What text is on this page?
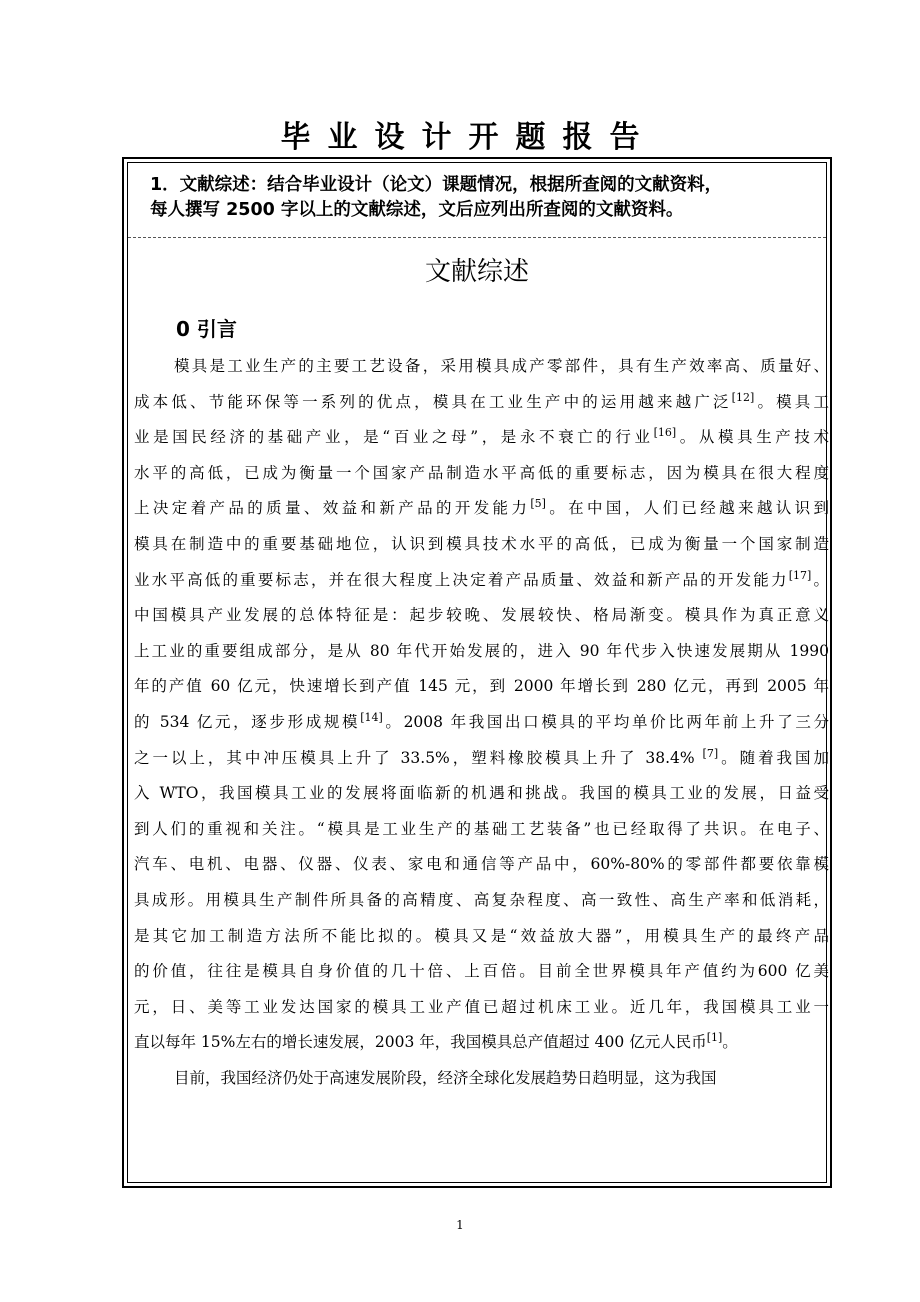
毕业设计开题报告

1．文献综述：结合毕业设计（论文）课题情况，根据所查阅的文献资料，

每人撰写 2500 字以上的文献综述，文后应列出所查阅的文献资料。

文献综述
0 引言
模具是工业生产的主要工艺设备，采用模具成产零部件，具有生产效率高、质量好、
成本低、节能环保等一系列的优点，模具在工业生产中的运用越来越广泛[12]。模具工
业是国民经济的基础产业，是“百业之母”，是永不衰亡的行业[16]。从模具生产技术
水平的高低，已成为衡量一个国家产品制造水平高低的重要标志，因为模具在很大程度
上决定着产品的质量、效益和新产品的开发能力[5]。在中国，人们已经越来越认识到
模具在制造中的重要基础地位，认识到模具技术水平的高低，已成为衡量一个国家制造
业水平高低的重要标志，并在很大程度上决定着产品质量、效益和新产品的开发能力[17]。
中国模具产业发展的总体特征是：起步较晚、发展较快、格局渐变。模具作为真正意义
上工业的重要组成部分，是从 80 年代开始发展的，进入 90 年代步入快速发展期从 1990
年的产值 60 亿元，快速增长到产值 145 元，到 2000 年增长到 280 亿元，再到 2005 年
的 534 亿元，逐步形成规模[14]。2008 年我国出口模具的平均单价比两年前上升了三分
之一以上，其中冲压模具上升了 33.5%，塑料橡胶模具上升了 38.4% [7]。随着我国加
入 WTO，我国模具工业的发展将面临新的机遇和挑战。我国的模具工业的发展，日益受
到人们的重视和关注。“模具是工业生产的基础工艺装备”也已经取得了共识。在电子、
汽车、电机、电器、仪器、仪表、家电和通信等产品中，60%-80%的零部件都要依靠模
具成形。用模具生产制件所具备的高精度、高复杂程度、高一致性、高生产率和低消耗，
是其它加工制造方法所不能比拟的。模具又是“效益放大器”，用模具生产的最终产品
的价值，往往是模具自身价值的几十倍、上百倍。目前全世界模具年产值约为600 亿美
元，日、美等工业发达国家的模具工业产值已超过机床工业。近几年，我国模具工业一
直以每年 15%左右的增长速发展，2003 年，我国模具总产值超过 400 亿元人民币[1]。
目前，我国经济仍处于高速发展阶段，经济全球化发展趋势日趋明显，这为我国
1
